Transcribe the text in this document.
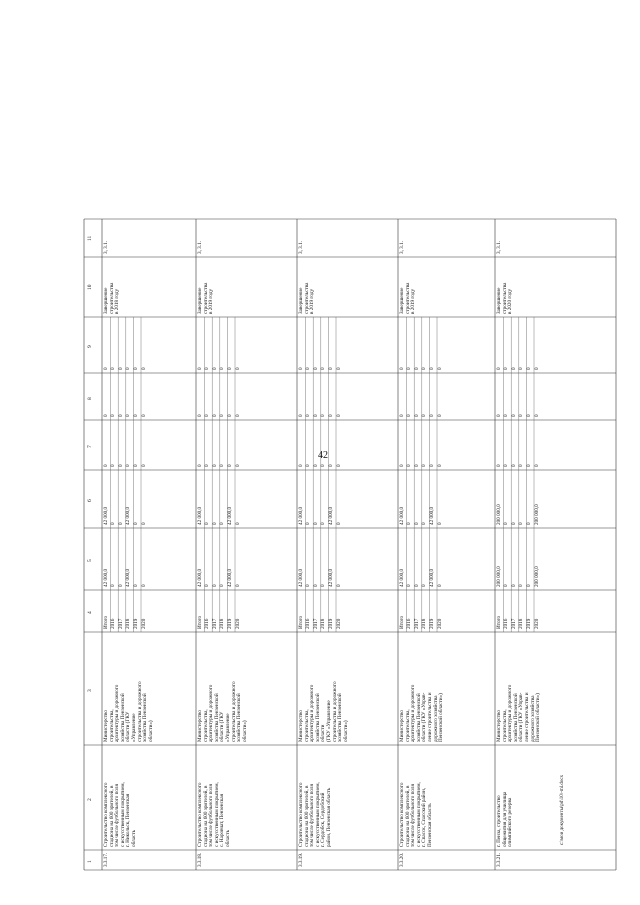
42
1
2
3
4
5
6
7
8
9
10
11
3.3.17.
Строительство комплексного
стадиона на 600 зрителей, в
том числе футбольного поля
с искусственным покрытием,
г. Никольск, Пензенская
область
Министерство
строительства,
архитектуры и дорожного
хозяйства Пензенской
области (ГКУ
«Управление
строительства и дорожного
хозяйства Пензенской
области»)
Итого 2016 2017 2018 2019 2020
42 000,0 0 0 42 000,0 0 0
42 000,0 0 0 42 000,0 0 0
0 0 0 0 0 0
0 0 0 0 0 0
0 0 0 0 0 0
Завершение
строительства
в 2018 году
3, 3.1.
3.3.18.
Строительство комплексного
стадиона на 600 зрителей, в
том числе футбольного поля
с искусственным покрытием,
с. Наровчат, Пензенская
область
Министерство
строительства,
архитектуры и дорожного
хозяйства Пензенской
области (ГКУ
«Управление
строительства и дорожного
хозяйства Пензенской
области»)
Итого 2016 2017 2018 2019 2020
42 000,0 0 0 0 42 000,0 0
42 000,0 0 0 0 42 000,0 0
0 0 0 0 0 0
0 0 0 0 0 0
0 0 0 0 0 0
Завершение
строительства
в 2019 году
3, 3.1.
3.3.19.
Строительство комплексного
стадиона на 600 зрителей, в
том числе футбольного поля
с искусственным покрытием,
г. Сердобск, Сердобский
район, Пензенская область
Министерство
строительства,
архитектуры и дорожного
хозяйства Пензенской
области
(ГКУ «Управление
строительства и дорожного
хозяйства Пензенской
области»)
Итого 2016 2017 2018 2019 2020
42 000,0 0 0 0 42 000,0 0
42 000,0 0 0 0 42 000,0 0
0 0 0 0 0 0
0 0 0 0 0 0
0 0 0 0 0 0
Завершение
строительства
в 2019 году
3, 3.1.
3.3.20.
Строительство комплексного
стадиона на 600 зрителей, в
том числе футбольного поля
с искусственным покрытием,
г. Спасск, Спасский район,
Пензенская область
Министерство
строительства,
архитектуры и дорожного
хозяйства Пензенской
области (ГКУ «Управ-
ление строительства и
дорожного хозяйства
Пензенской области»)
Итого 2016 2017 2018 2019 2020
42 000,0 0 0 0 42 000,0 0
42 000,0 0 0 0 42 000,0 0
0 0 0 0 0 0
0 0 0 0 0 0
0 0 0 0 0 0
Завершение
строительства
в 2019 году
3, 3.1.
3.3.21.
г. Пенза, строительство
общежития для училища
олимпийского резерва
Министерство
строительства,
архитектуры и дорожного
хозяйства Пензенской
области (ГКУ «Управ-
ление строительства и
дорожного хозяйства
Пензенской области»)
Итого 2016 2017 2018 2019 2020
200 000,0 0 0 0 0 200 000,0
200 000,0 0 0 0 0 200 000,0
0 0 0 0 0 0
0 0 0 0 0 0
0 0 0 0 0 0
Завершение
строительства
в 2020 году
3, 3.1.
c:\мои документы\pd\10\-ml.docx
